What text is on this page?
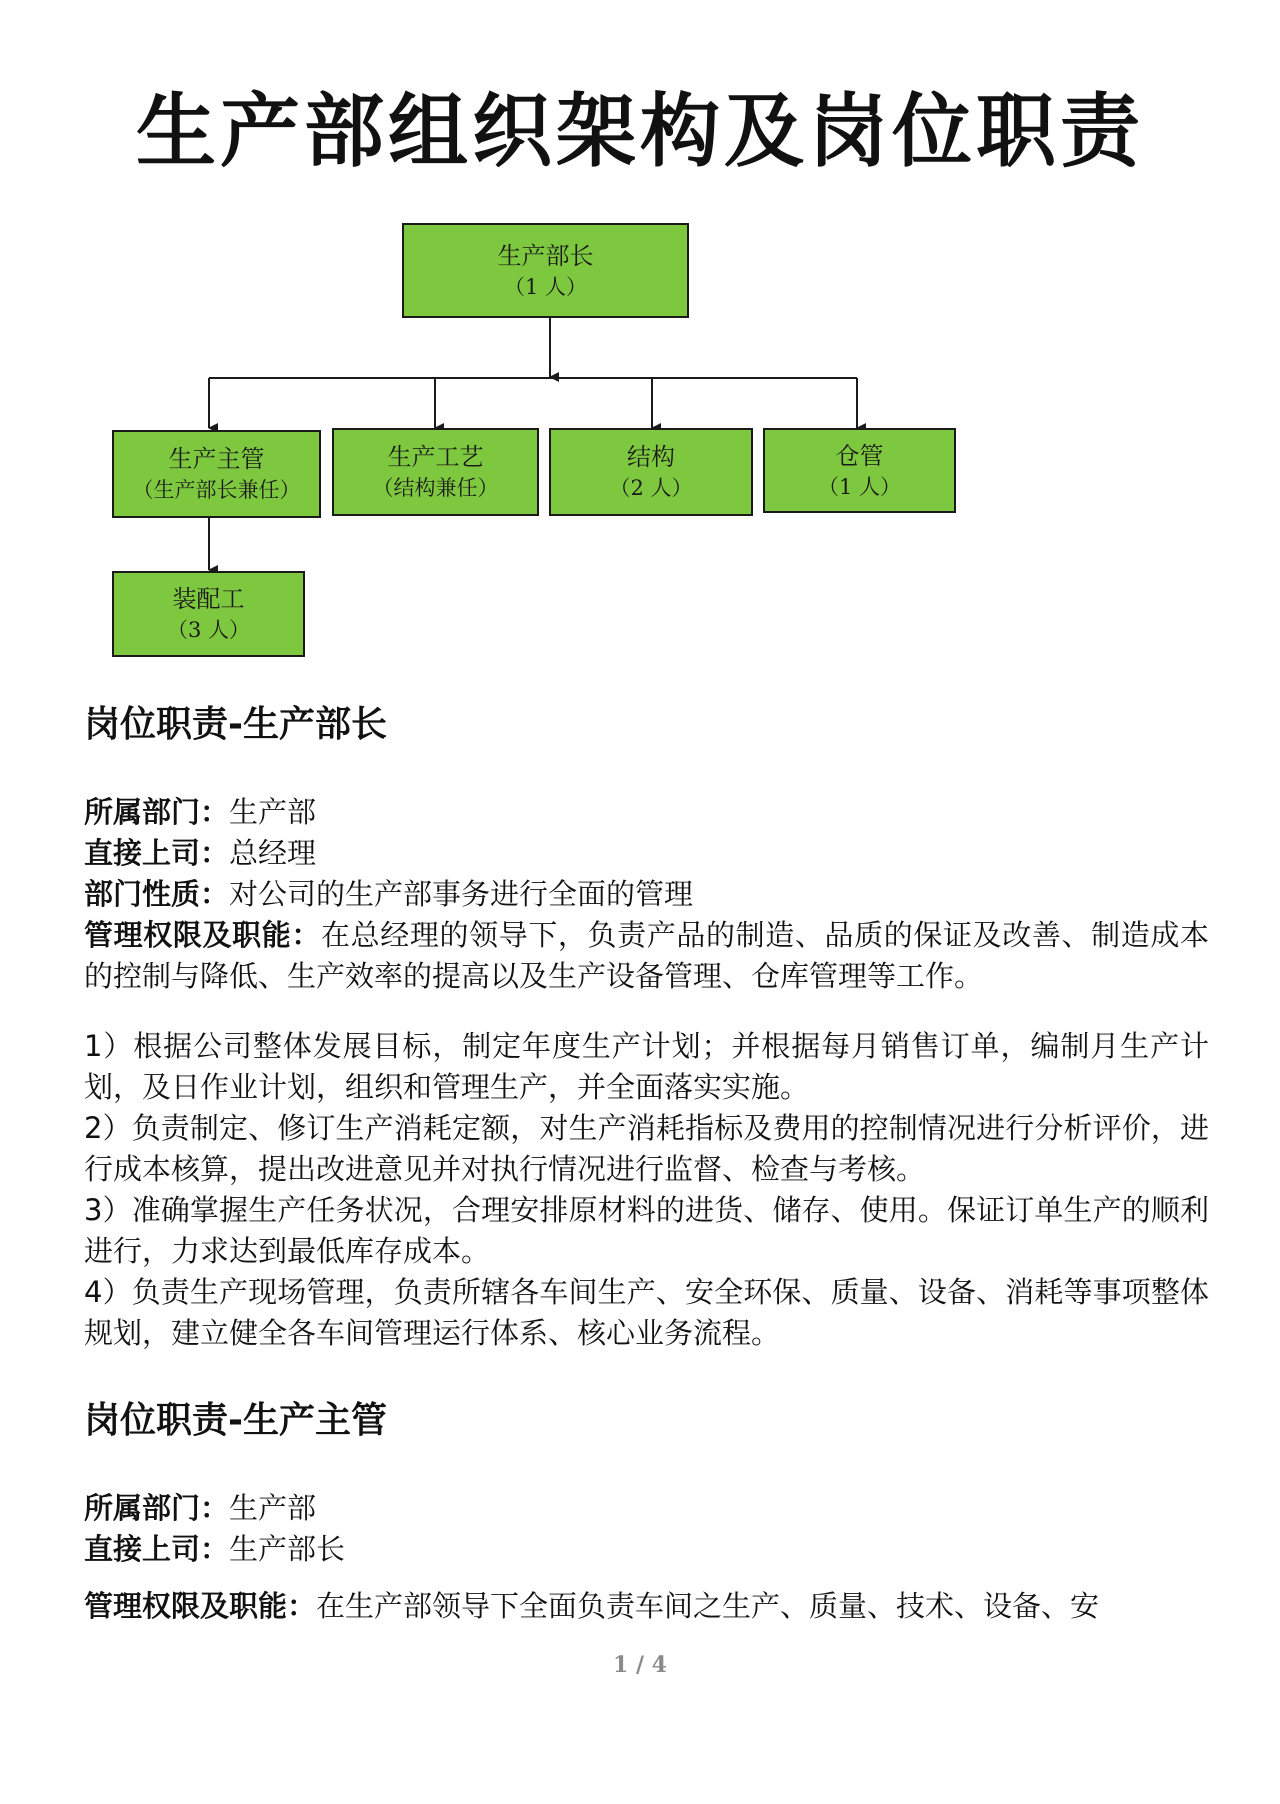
生产部组织架构及岗位职责
生产部长
（1 人）
生产主管
（生产部长兼任）
生产工艺
（结构兼任）
结构
（2 人）
仓管
（1 人）
装配工
（3 人）
岗位职责-生产部长

所属部门：生产部

直接上司：总经理

部门性质：对公司的生产部事务进行全面的管理

管理权限及职能：在总经理的领导下，负责产品的制造、品质的保证及改善、制造成本的控制与降低、生产效率的提高以及生产设备管理、仓库管理等工作。

1）根据公司整体发展目标，制定年度生产计划；并根据每月销售订单，编制月生产计划，及日作业计划，组织和管理生产，并全面落实实施。

2）负责制定、修订生产消耗定额，对生产消耗指标及费用的控制情况进行分析评价，进行成本核算，提出改进意见并对执行情况进行监督、检查与考核。

3）准确掌握生产任务状况，合理安排原材料的进货、储存、使用。保证订单生产的顺利进行，力求达到最低库存成本。

4）负责生产现场管理，负责所辖各车间生产、安全环保、质量、设备、消耗等事项整体规划，建立健全各车间管理运行体系、核心业务流程。

岗位职责-生产主管

所属部门：生产部

直接上司：生产部长

管理权限及职能：在生产部领导下全面负责车间之生产、质量、技术、设备、安

1 / 4
